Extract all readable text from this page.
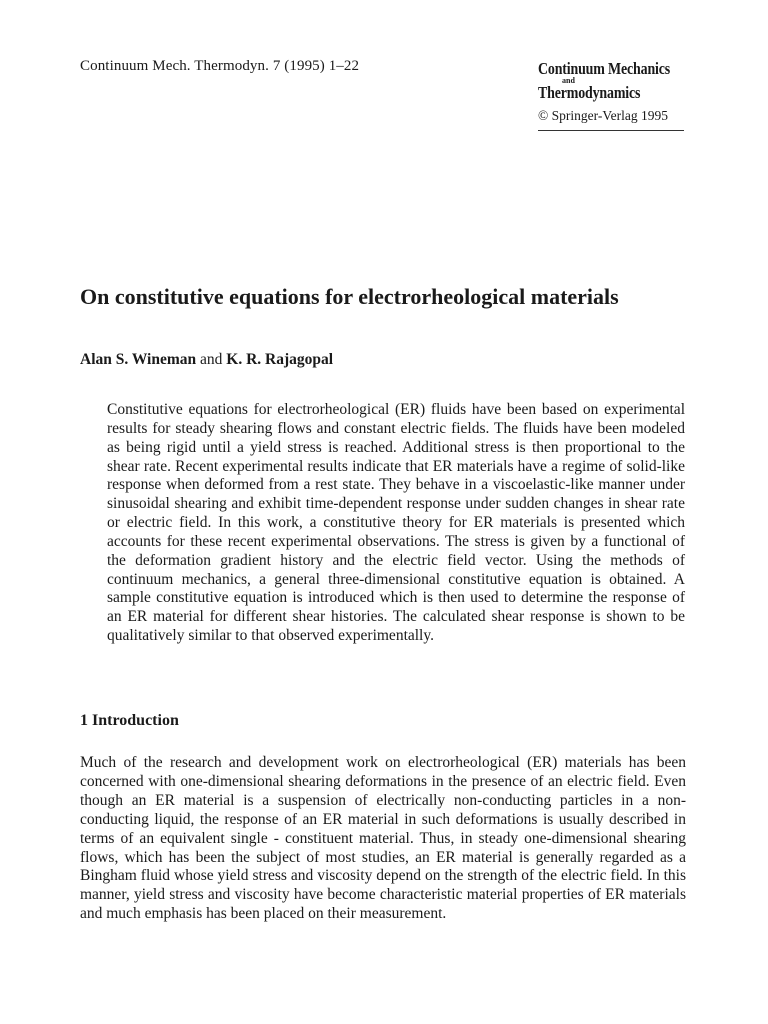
Continuum Mech. Thermodyn. 7 (1995) 1–22	Continuum Mechanics
and
Thermodynamics
© Springer-Verlag 1995
On constitutive equations for electrorheological materials
Alan S. Wineman and K. R. Rajagopal

Constitutive equations for electrorheological (ER) fluids have been based on experimental results for steady shearing flows and constant electric fields. The fluids have been modeled as being rigid until a yield stress is reached. Additional stress is then proportional to the shear rate. Recent experimental results indicate that ER materials have a regime of solid-like response when deformed from a rest state. They behave in a viscoelastic-like manner under sinusoidal shearing and exhibit time-dependent response under sudden changes in shear rate or electric field. In this work, a constitutive theory for ER materials is presented which accounts for these recent experimental observations. The stress is given by a functional of the deformation gradient history and the electric field vector. Using the methods of continuum mechanics, a general three-dimensional constitutive equation is obtained. A sample constitutive equation is introduced which is then used to determine the response of an ER material for different shear histories. The calculated shear response is shown to be qualitatively similar to that observed experimentally.

1 Introduction

Much of the research and development work on electrorheological (ER) materials has been concerned with one-dimensional shearing deformations in the presence of an electric field. Even though an ER material is a suspension of electrically non-conducting particles in a non-conducting liquid, the response of an ER material in such deformations is usually described in terms of an equivalent single - constituent material. Thus, in steady one-dimensional shearing flows, which has been the subject of most studies, an ER material is generally regarded as a Bingham fluid whose yield stress and viscosity depend on the strength of the electric field. In this manner, yield stress and viscosity have become characteristic material properties of ER materials and much emphasis has been placed on their measurement.
